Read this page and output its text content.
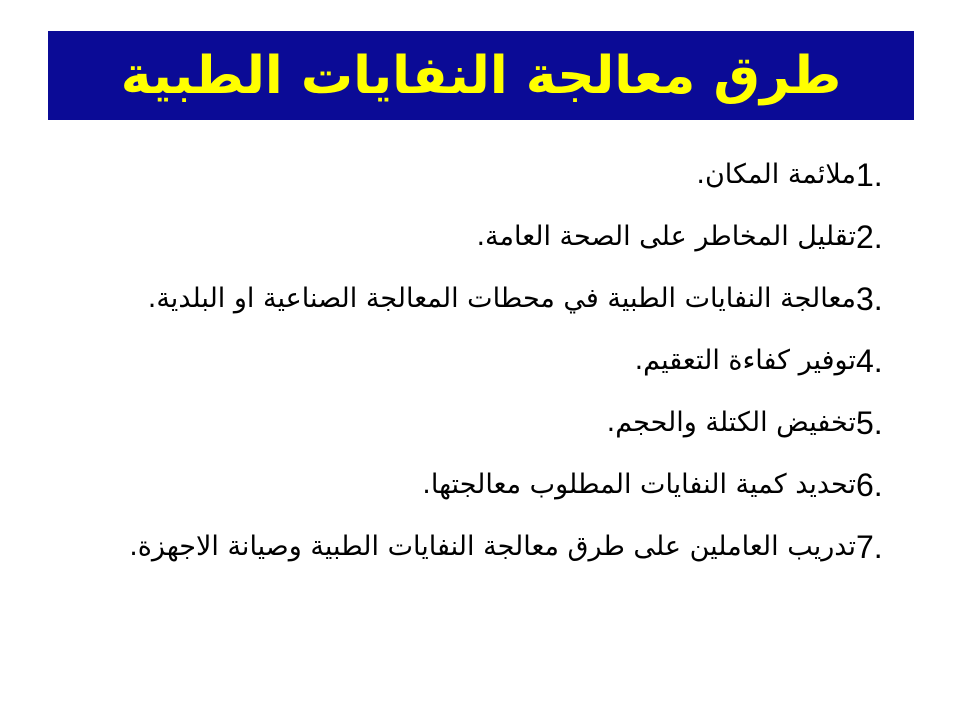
طرق معالجة النفايات الطبية
1.
ملائمة المكان.
2.
تقليل المخاطر على الصحة العامة.
3.
معالجة النفايات الطبية في محطات المعالجة الصناعية او البلدية.
4.
توفير كفاءة التعقيم.
5.
تخفيض الكتلة والحجم.
6.
تحديد كمية النفايات المطلوب معالجتها.
7.
تدريب العاملين على طرق معالجة النفايات الطبية وصيانة الاجهزة.
